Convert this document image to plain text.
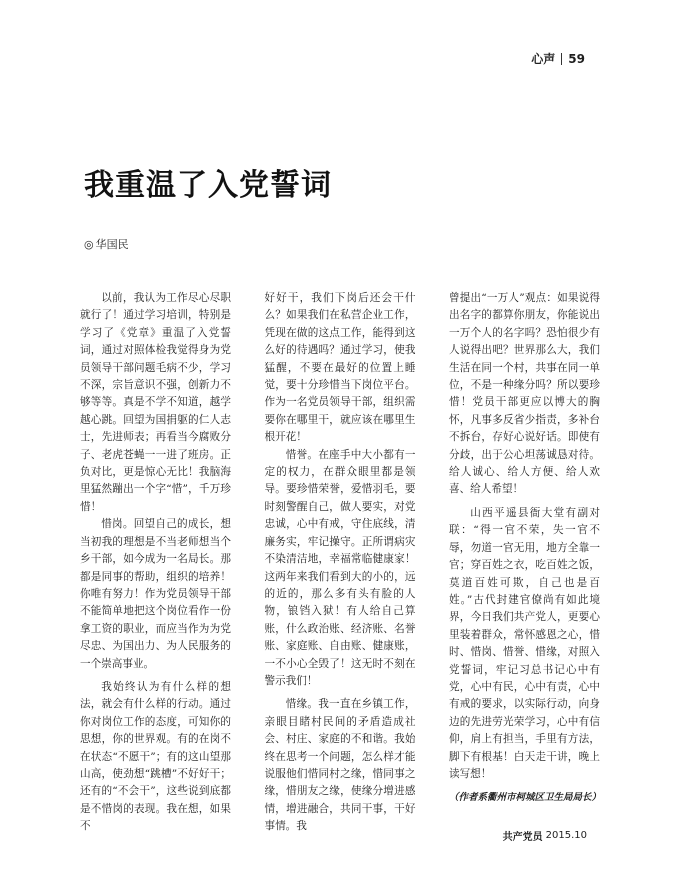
心声 59
我重温了入党誓词
◎ 华国民

以前，我认为工作尽心尽职就行了！通过学习培训，特别是学习了《党章》重温了入党誓词，通过对照体检我觉得身为党员领导干部问题毛病不少，学习不深，宗旨意识不强，创新力不够等等。真是不学不知道，越学越心跳。回望为国捐躯的仁人志士，先进师表；再看当今腐败分子、老虎苍蝇一一进了班房。正负对比，更是惊心无比！我脑海里猛然蹦出一个字“惜”，千万珍惜！

惜岗。回望自己的成长，想当初我的理想是不当老师想当个乡干部，如今成为一名局长。那都是同事的帮助，组织的培养！你唯有努力！作为党员领导干部不能简单地把这个岗位看作一份拿工资的职业，而应当作为为党尽忠、为国出力、为人民服务的一个崇高事业。

我始终认为有什么样的想法，就会有什么样的行动。通过你对岗位工作的态度，可知你的思想，你的世界观。有的在岗不在状态“不愿干”；有的这山望那山高，使劲想“跳槽”不好好干；还有的“不会干”，这些说到底都是不惜岗的表现。我在想，如果不

好好干，我们下岗后还会干什么？如果我们在私营企业工作，凭现在做的这点工作，能得到这么好的待遇吗？通过学习，使我猛醒，不要在最好的位置上睡觉，要十分珍惜当下岗位平台。作为一名党员领导干部，组织需要你在哪里干，就应该在哪里生根开花！

惜誉。在座手中大小都有一定的权力，在群众眼里都是领导。要珍惜荣誉，爱惜羽毛，要时刻警醒自己，做人要实，对党忠诚，心中有戒，守住底线，清廉务实，牢记操守。正所谓病灾不染清洁地，幸福常临健康家！这两年来我们看到大的小的，远的近的，那么多有头有脸的人物，锒铛入狱！有人给自己算账，什么政治账、经济账、名誉账、家庭账、自由账、健康账，一不小心全毁了！这无时不刻在警示我们！

惜缘。我一直在乡镇工作，亲眼目睹村民间的矛盾造成社会、村庄、家庭的不和谐。我始终在思考一个问题，怎么样才能说服他们惜同村之缘，惜同事之缘，惜朋友之缘，使缘分增进感情，增进融合，共同干事，干好事情。我

曾提出“一万人”观点：如果说得出名字的都算你朋友，你能说出一万个人的名字吗？恐怕很少有人说得出吧？世界那么大，我们生活在同一个村，共事在同一单位，不是一种缘分吗？所以要珍惜！党员干部更应以博大的胸怀，凡事多反省少指责，多补台不拆台，存好心说好话。即使有分歧，出于公心坦荡诚恳对待。给人诚心、给人方便、给人欢喜、给人希望！

山西平遥县衙大堂有副对联：“得一官不荣，失一官不辱，勿道一官无用，地方全靠一官；穿百姓之衣，吃百姓之饭，莫道百姓可欺，自己也是百姓。”古代封建官僚尚有如此境界，今日我们共产党人，更要心里装着群众，常怀感恩之心，惜时、惜岗、惜誉、惜缘，对照入党誓词，牢记习总书记心中有党，心中有民，心中有责，心中有戒的要求，以实际行动，向身边的先进劳光荣学习，心中有信仰，肩上有担当，手里有方法，脚下有根基！白天走干讲，晚上读写想！

（作者系衢州市柯城区卫生局局长）
共产党员 2015.10
